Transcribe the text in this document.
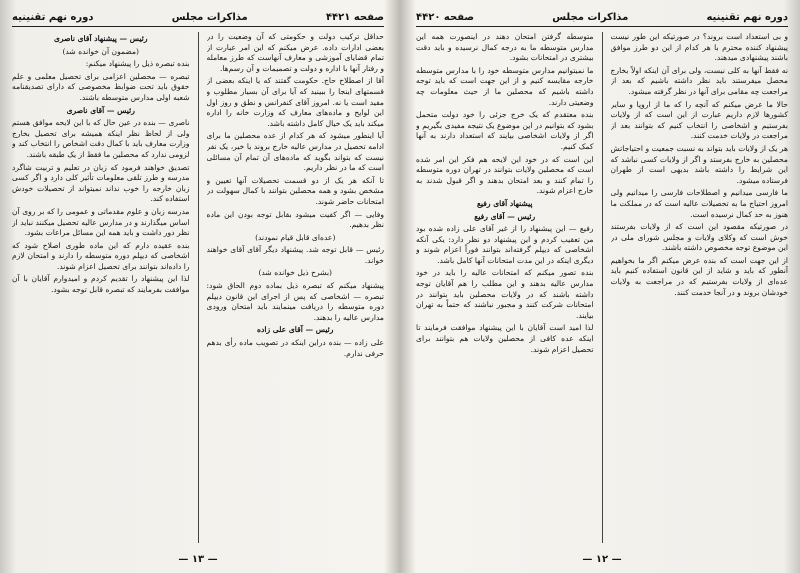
صفحه ۴۴۲۱
مذاکرات مجلس
دوره نهم تقنینیه

حداقل ترکیب دولت و حکومتی که آن وضعیت را در بعضی ادارات داده. عرض میکنم که این امر عبارت از تمام قضایای آموزشی و معارف آنهاست که طرز معامله و رفتار آنها با اداره و دولت و تصمیمات و آن رسم‌ها.

آقا از اصطلاح حاج. حکومت گفتند که یا اینکه بعضی از قسمتهای اینجا را ببینید که آیا برای آن بسیار مطلوب و مفید است یا نه. امروز آقای کنفرانس و نطق و روز اول این لوایح و ماده‌های معارف که وزارت خانه را اداره میکند باید یک خیال کامل داشته باشد.

آیا اینطور میشود که هر کدام از عده محصلین ما برای ادامه تحصیل در مدارس عالیه خارج بروند یا خیر، یک نفر نیست که بتواند بگوید که ماده‌های آن تمام آن مسائلی است که ما در نظر داریم.

تا آنکه هر یک از دو قسمت تحصیلات آنها تعیین و مشخص بشود و همه محصلین بتوانند با کمال سهولت در امتحانات حاضر شوند.

وفایی — اگر کفیت میشود بقابل توجه بودن این ماده نظر بدهیم.

(عده‌ای قابل قیام نمودند)

رئیس — قابل توجه شد. پیشنهاد دیگر آقای آقای خواهند خواند.

(بشرح ذیل خوانده شد)

پیشنهاد میکنم که تبصره ذیل بماده دوم الحاق شود: تبصره — اشخاصی که پس از اجرای این قانون دیپلم دوره متوسطه را دریافت مینمایند باید امتحان ورودی مدارس عالیه را بدهند.

رئیس — آقای علی زاده

علی زاده — بنده دراین اینکه در تصویب ماده رأی بدهم حرفی ندارم.

رئیس — پیشنهاد آقای ناصری

(مضمون آن خوانده شد)

بنده تبصره ذیل را پیشنهاد میکنم:

تبصره — محصلین اعزامی برای تحصیل معلمی و علم حقوق باید تحت ضوابط مخصوصی که دارای تصدیقنامه شعبه اولی مدارس متوسطه باشند.

رئیس — آقای ناصری

ناصری — بنده در عین حال که با این لایحه موافق هستم ولی از لحاظ نظر اینکه همیشه برای تحصیل بخارج وزارت معارف باید با کمال دقت اشخاص را انتخاب کند و لزومی ندارد که محصلین ما فقط از یک طبقه باشند.

تصدیق خواهند فرمود که زبان در تعلیم و تربیت شاگرد مدرسه و طرز تلقی معلومات تأثیر کلی دارد و اگر کسی زبان خارجه را خوب نداند نمیتواند از تحصیلات خودش استفاده کند.

مدرسه زبان و علوم مقدماتی و عمومی را که بر روی آن اساس میگذارند و در مدارس عالیه تحصیل میکنند نباید از نظر دور داشت و باید همه این مسائل مراعات بشود.

بنده عقیده دارم که این ماده طوری اصلاح شود که اشخاصی که دیپلم دوره متوسطه را دارند و امتحان لازم را داده‌اند بتوانند برای تحصیل اعزام شوند.

لذا این پیشنهاد را تقدیم کردم و امیدوارم آقایان با آن موافقت بفرمایند که تبصره قابل توجه بشود.

— ۱۳ —
دوره نهم تقنینیه
مذاکرات مجلس
صفحه ۴۴۲۰

و بی استعداد است بروند؟ در صورتیکه این طور نیست پیشنهاد کننده محترم با هر کدام از این دو طرز موافق باشند پیشنهادی میدهند.

نه فقط آنها به کلی نیست، ولی برای آن اینکه اولاً بخارج محصل میفرستند باید نظر داشته باشیم که بعد از مراجعت چه مقامی برای آنها در نظر گرفته میشود.

حالا ما عرض میکنم که آنچه را که ما از اروپا و سایر کشورها لازم داریم عبارت از این است که از ولایات بفرستیم و اشخاصی را انتخاب کنیم که بتوانند بعد از مراجعت در ولایات خدمت کنند.

هر یک از ولایات باید بتواند به نسبت جمعیت و احتیاجاتش محصلین به خارج بفرستد و اگر از ولایات کسی نباشد که این شرایط را داشته باشد بدیهی است از طهران فرستاده میشود.

ما فارسی میدانیم و اصطلاحات فارسی را میدانیم ولی امروز احتیاج ما به تحصیلات عالیه است که در مملکت ما هنوز به حد کمال نرسیده است.

در صورتیکه مقصود این است که از ولایات بفرستند خوش است که وکلای ولایات و مجلس شورای ملی در این موضوع توجه مخصوص داشته باشند.

از این جهت است که بنده عرض میکنم اگر ما بخواهیم آنطور که باید و شاید از این قانون استفاده کنیم باید عده‌ای از ولایات بفرستیم که در مراجعت به ولایات خودشان بروند و در آنجا خدمت کنند.

متوسطه گرفتن امتحان دهند در اینصورت همه این مدارس متوسطه ما به درجه کمال نرسیده و باید دقت بیشتری در امتحانات بشود.

ما نمیتوانیم مدارس متوسطه خود را با مدارس متوسطه خارجه مقایسه کنیم و از این جهت است که باید توجه داشته باشیم که محصلین ما از حیث معلومات چه وضعیتی دارند.

بنده معتقدم که یک خرج جزئی را خود دولت متحمل بشود که بتوانیم در این موضوع یک نتیجه مفیدی بگیریم و اگر از ولایات اشخاصی بیایند که استعداد دارند به آنها کمک کنیم.

این است که در خود این لایحه هم فکر این امر شده است که محصلین ولایات بتوانند در تهران دوره متوسطه را تمام کنند و بعد امتحان بدهند و اگر قبول شدند به خارج اعزام شوند.

پیشنهاد آقای رفیع

رئیس — آقای رفیع

رفیع — این پیشنهاد را از غیر آقای علی زاده شده بود من تعقیب کردم و این پیشنهاد دو نظر دارد: یکی آنکه اشخاصی که دیپلم گرفته‌اند بتوانند فوراً اعزام شوند و دیگری اینکه در این مدت امتحانات آنها کامل باشد.

بنده تصور میکنم که امتحانات عالیه را باید در خود مدارس عالیه بدهند و این مطلب را هم آقایان توجه داشته باشند که در ولایات محصلین باید بتوانند در امتحانات شرکت کنند و مجبور نباشند که حتماً به تهران بیایند.

لذا امید است آقایان با این پیشنهاد موافقت فرمایند تا اینکه عده کافی از محصلین ولایات هم بتوانند برای تحصیل اعزام شوند.

— ۱۲ —
